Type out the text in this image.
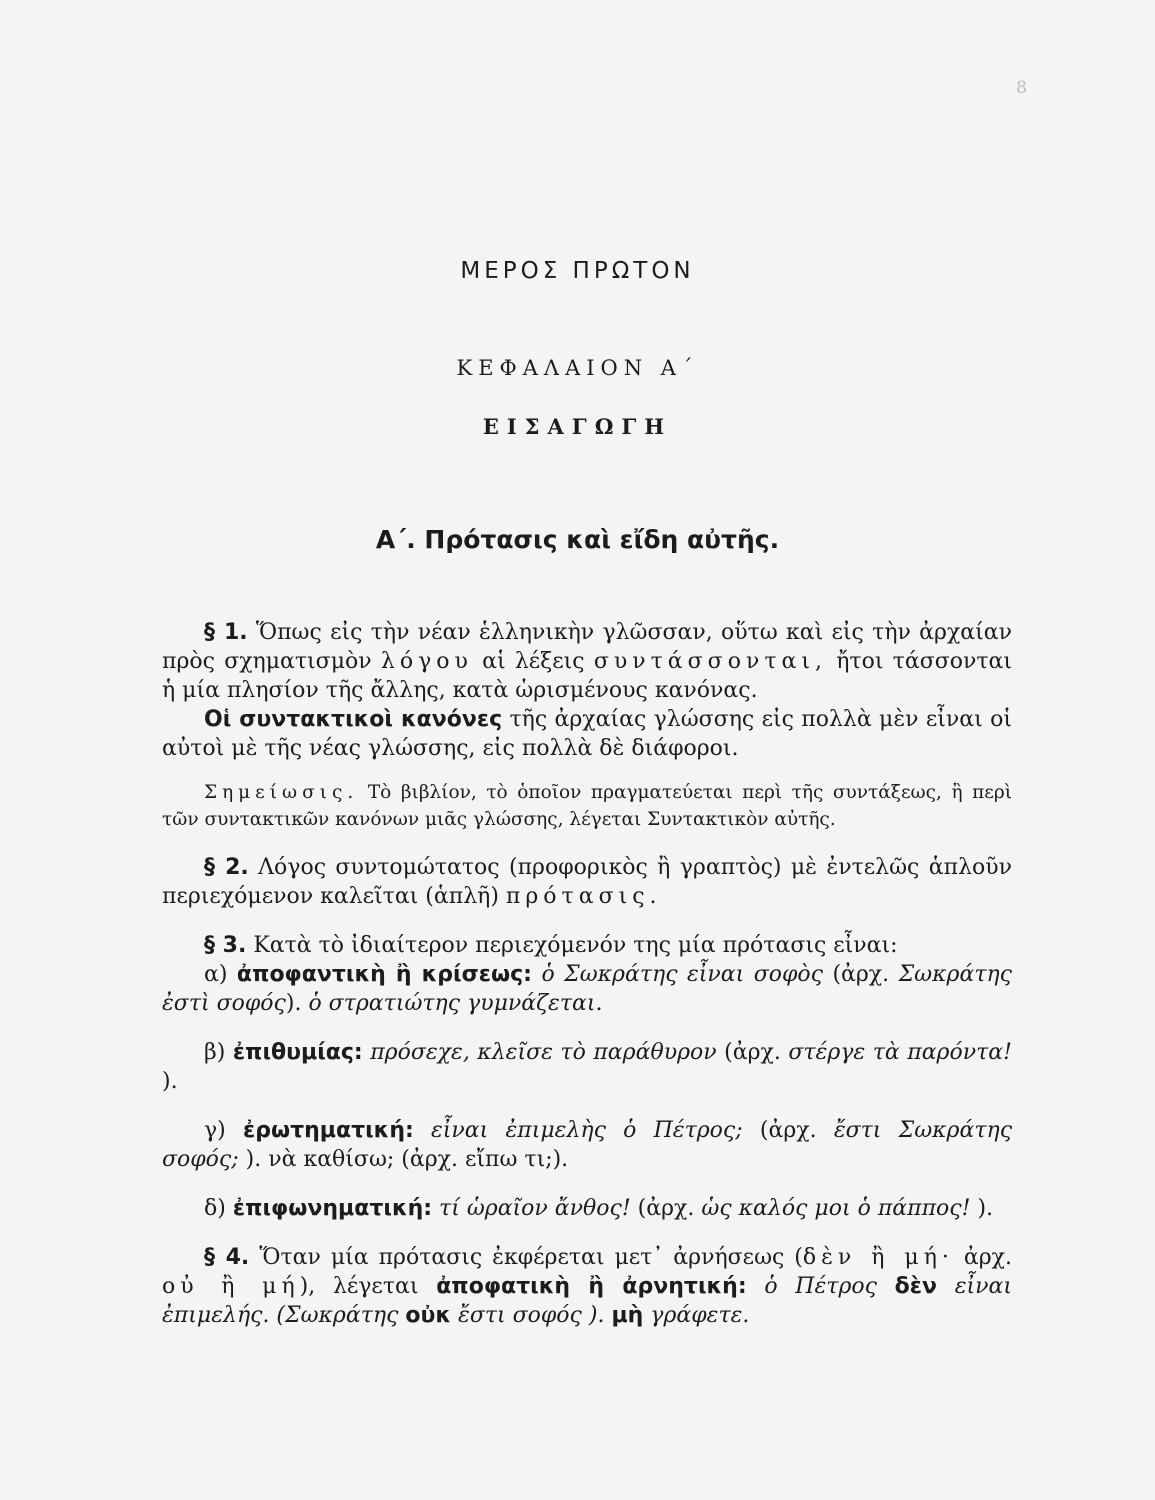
8
ΜΕΡΟΣ ΠΡΩΤΟΝ
ΚΕΦΑΛΑΙΟΝ Α΄
ΕΙΣΑΓΩΓΗ
Α΄. Πρότασις καὶ εἴδη αὐτῆς.

§ 1. Ὅπως εἰς τὴν νέαν ἑλληνικὴν γλῶσσαν, οὕτω καὶ εἰς τὴν ἀρχαίαν πρὸς σχηματισμὸν λόγου αἱ λέξεις συντάσσονται, ἤτοι τάσσονται ἡ μία πλησίον τῆς ἄλλης, κατὰ ὡρισμένους κανόνας.

Οἱ συντακτικοὶ κανόνες τῆς ἀρχαίας γλώσσης εἰς πολλὰ μὲν εἶναι οἱ αὐτοὶ μὲ τῆς νέας γλώσσης, εἰς πολλὰ δὲ διάφοροι.

Σημείωσις. Τὸ βιβλίον, τὸ ὁποῖον πραγματεύεται περὶ τῆς συντάξεως, ἢ περὶ τῶν συντακτικῶν κανόνων μιᾶς γλώσσης, λέγεται Συντακτικὸν αὐτῆς.

§ 2. Λόγος συντομώτατος (προφορικὸς ἢ γραπτὸς) μὲ ἐντελῶς ἁπλοῦν περιεχόμενον καλεῖται (ἁπλῆ) πρότασις.

§ 3. Κατὰ τὸ ἰδιαίτερον περιεχόμενόν της μία πρότασις εἶναι:

α) ἀποφαντικὴ ἢ κρίσεως: ὁ Σωκράτης εἶναι σοφὸς (ἀρχ. Σωκράτης ἐστὶ σοφός). ὁ στρατιώτης γυμνάζεται.

β) ἐπιθυμίας: πρόσεχε, κλεῖσε τὸ παράθυρον (ἀρχ. στέργε τὰ παρόντα! ).

γ) ἐρωτηματική: εἶναι ἐπιμελὴς ὁ Πέτρος; (ἀρχ. ἔστι Σωκράτης σοφός; ). νὰ καθίσω; (ἀρχ. εἴπω τι;).

δ) ἐπιφωνηματική: τί ὡραῖον ἄνθος! (ἀρχ. ὡς καλός μοι ὁ πάππος! ).

§ 4. Ὅταν μία πρότασις ἐκφέρεται μετ᾽ ἀρνήσεως (δὲν ἢ μή· ἀρχ. οὐ ἢ μή), λέγεται ἀποφατικὴ ἢ ἀρνητική: ὁ Πέτρος δὲν εἶναι ἐπιμελής. (Σωκράτης οὐκ ἔστι σοφός ). μὴ γράφετε.
